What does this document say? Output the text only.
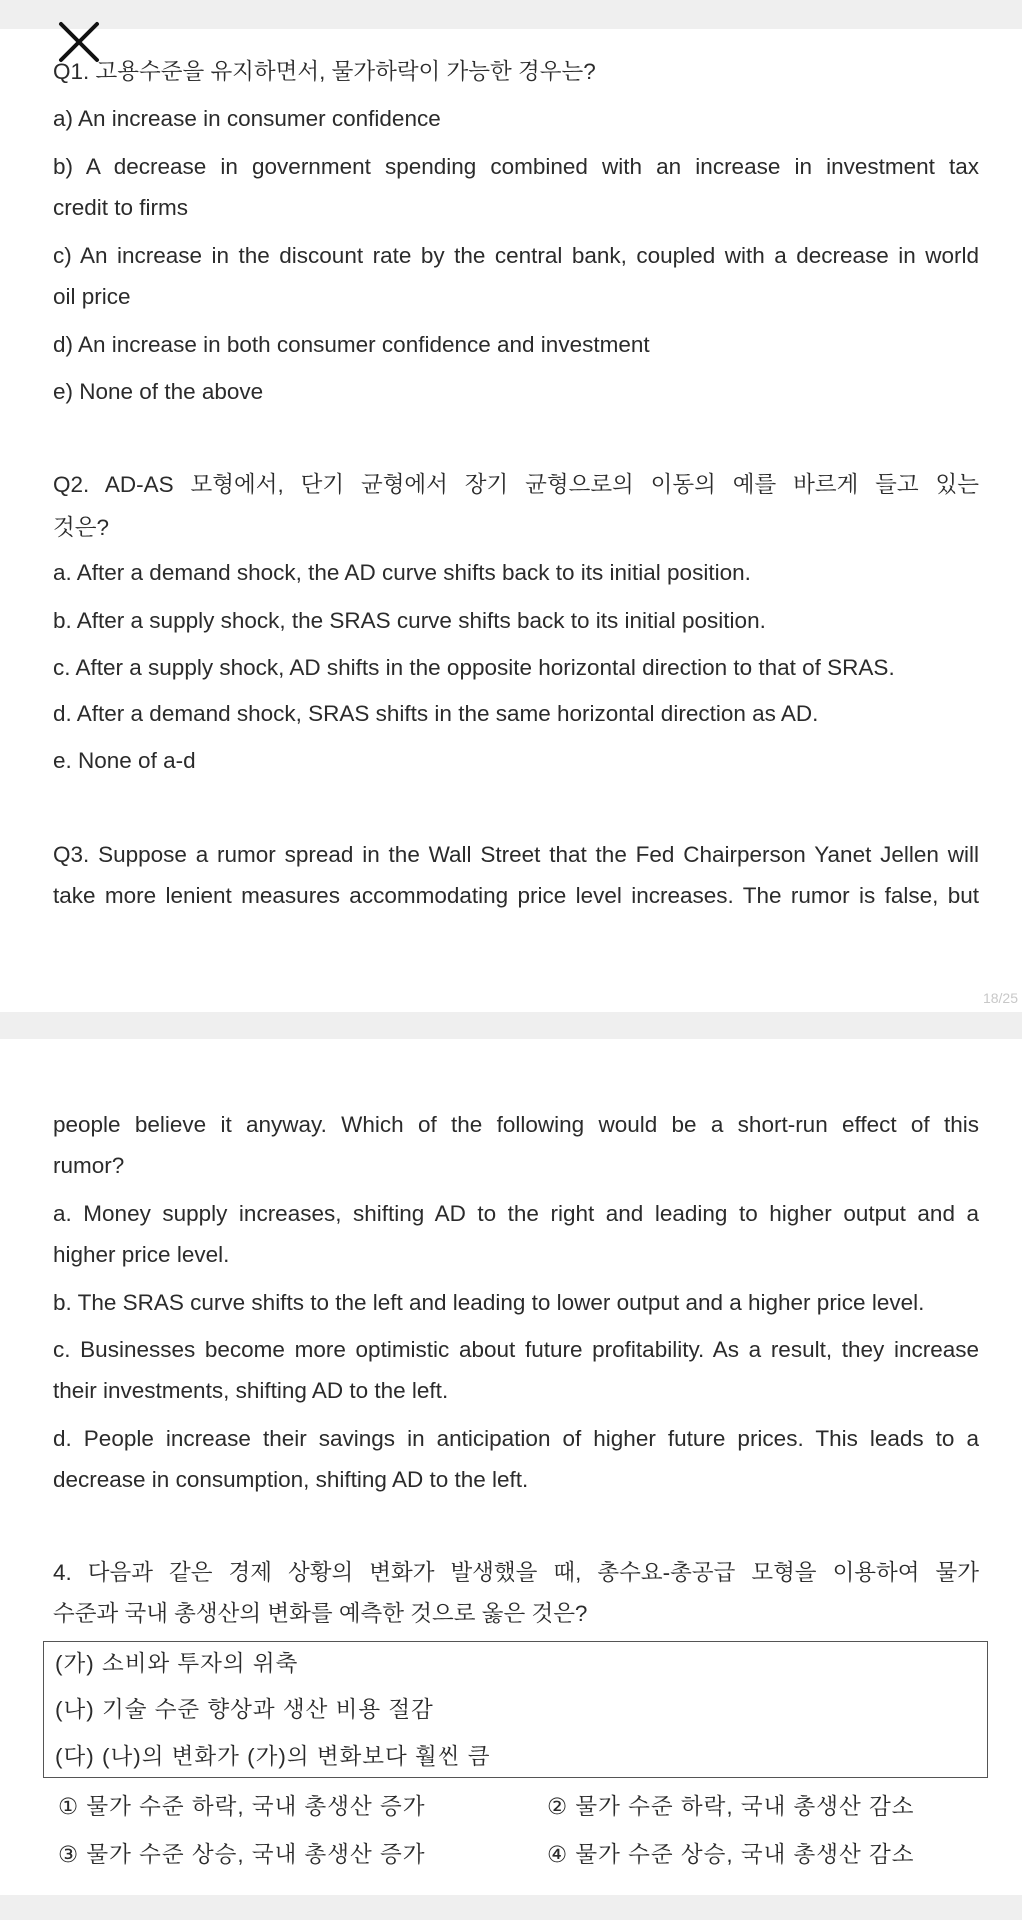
Q1. 고용수준을 유지하면서, 물가하락이 가능한 경우는?
a) An increase in consumer confidence
b) A decrease in government spending combined with an increase in investment tax
credit to firms
c) An increase in the discount rate by the central bank, coupled with a decrease in world
oil price
d) An increase in both consumer confidence and investment
e) None of the above
Q2. AD-AS 모형에서, 단기 균형에서 장기 균형으로의 이동의 예를 바르게 들고 있는
것은?
a. After a demand shock, the AD curve shifts back to its initial position.
b. After a supply shock, the SRAS curve shifts back to its initial position.
c. After a supply shock, AD shifts in the opposite horizontal direction to that of SRAS.
d. After a demand shock, SRAS shifts in the same horizontal direction as AD.
e. None of a-d
Q3. Suppose a rumor spread in the Wall Street that the Fed Chairperson Yanet Jellen will
take more lenient measures accommodating price level increases. The rumor is false, but
18/25
people believe it anyway. Which of the following would be a short-run effect of this
rumor?
a. Money supply increases, shifting AD to the right and leading to higher output and a
higher price level.
b. The SRAS curve shifts to the left and leading to lower output and a higher price level.
c. Businesses become more optimistic about future profitability. As a result, they increase
their investments, shifting AD to the left.
d. People increase their savings in anticipation of higher future prices. This leads to a
decrease in consumption, shifting AD to the left.
4. 다음과 같은 경제 상황의 변화가 발생했을 때, 총수요-총공급 모형을 이용하여 물가
수준과 국내 총생산의 변화를 예측한 것으로 옳은 것은?
(가) 소비와 투자의 위축
(나) 기술 수준 향상과 생산 비용 절감
(다) (나)의 변화가 (가)의 변화보다 훨씬 큼
① 물가 수준 하락, 국내 총생산 증가	② 물가 수준 하락, 국내 총생산 감소
③ 물가 수준 상승, 국내 총생산 증가	④ 물가 수준 상승, 국내 총생산 감소
